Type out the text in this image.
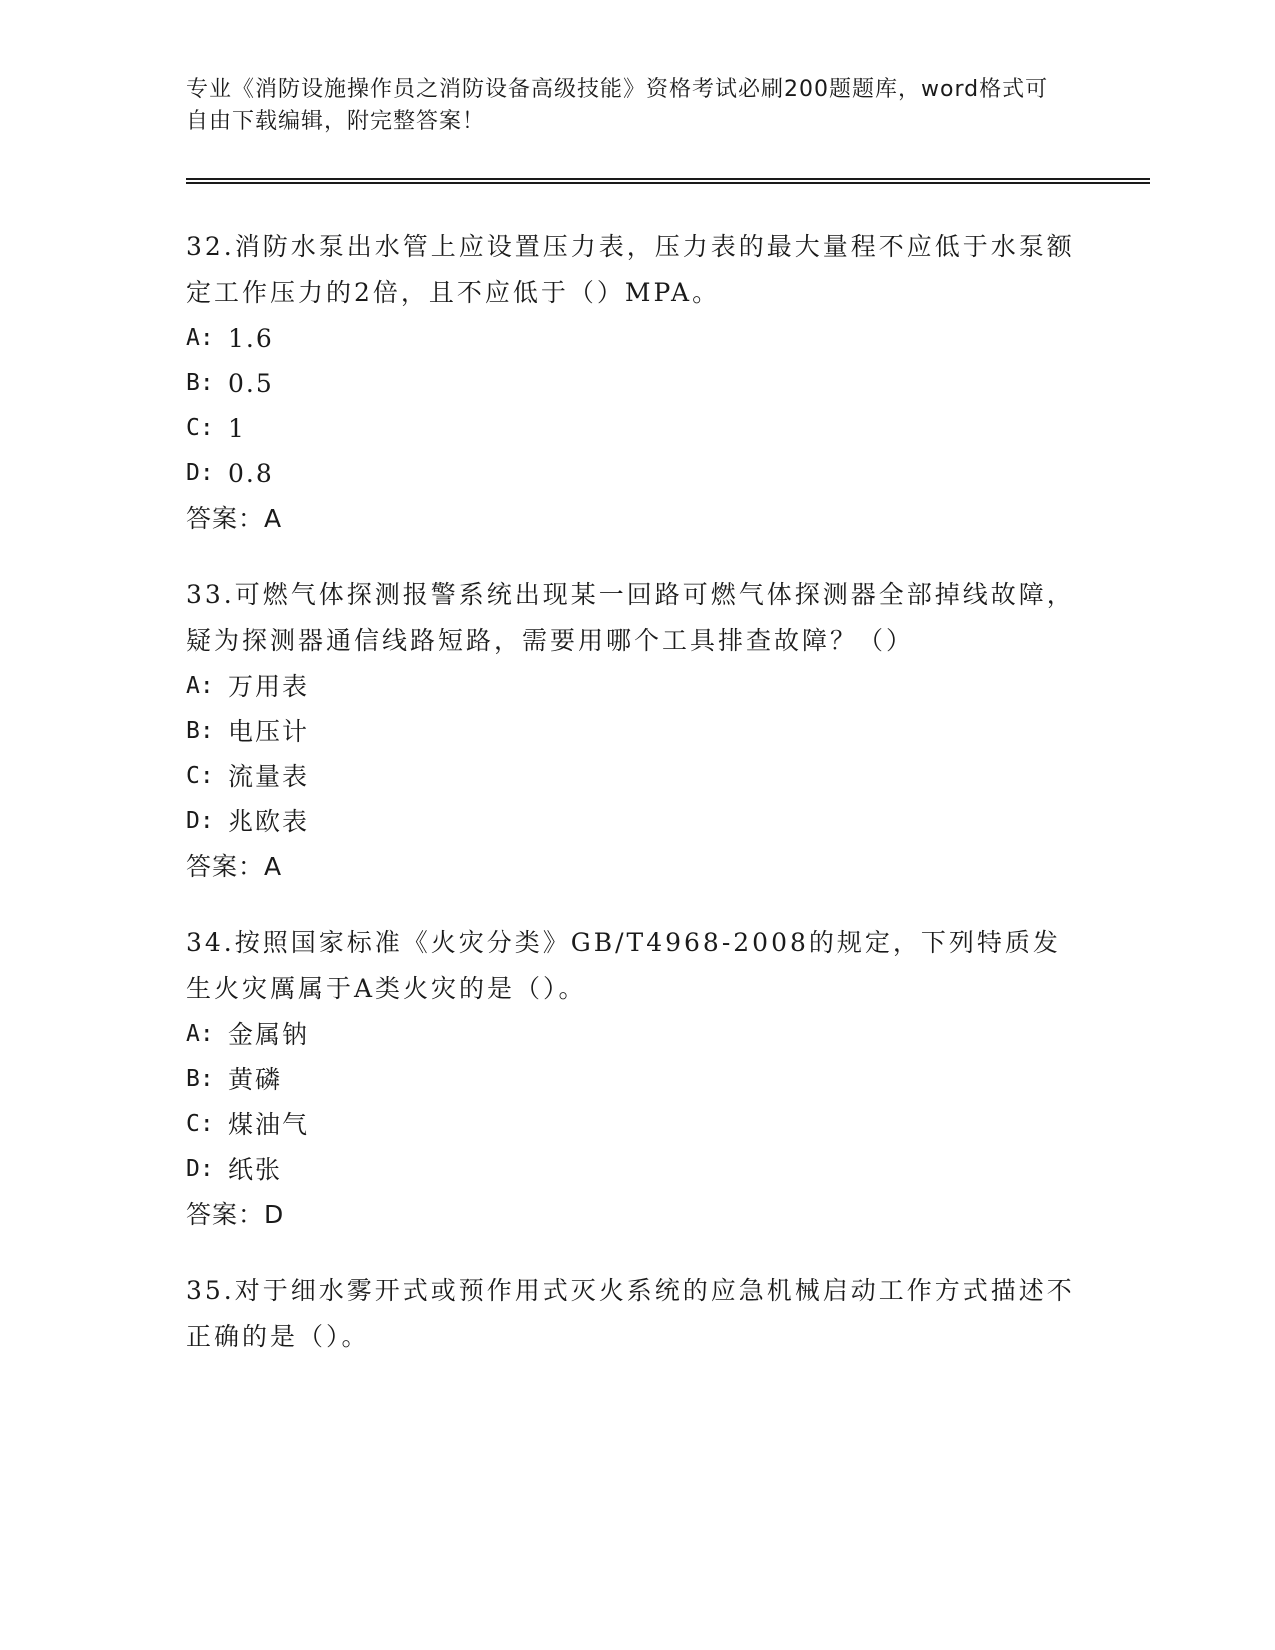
专业《消防设施操作员之消防设备高级技能》资格考试必刷200题题库，word格式可自由下载编辑，附完整答案！

32.消防水泵出水管上应设置压力表，压力表的最大量程不应低于水泵额定工作压力的2倍，且不应低于（）MPA。

A: 1.6
B: 0.5
C: 1
D: 0.8
答案：A

33.可燃气体探测报警系统出现某一回路可燃气体探测器全部掉线故障，疑为探测器通信线路短路，需要用哪个工具排查故障？（）

A: 万用表
B: 电压计
C: 流量表
D: 兆欧表
答案：A

34.按照国家标准《火灾分类》GB/T4968-2008的规定，下列特质发生火灾厲属于A类火灾的是（）。

A: 金属钠
B: 黄磷
C: 煤油气
D: 纸张
答案：D

35.对于细水雾开式或预作用式灭火系统的应急机械启动工作方式描述不正确的是（）。
